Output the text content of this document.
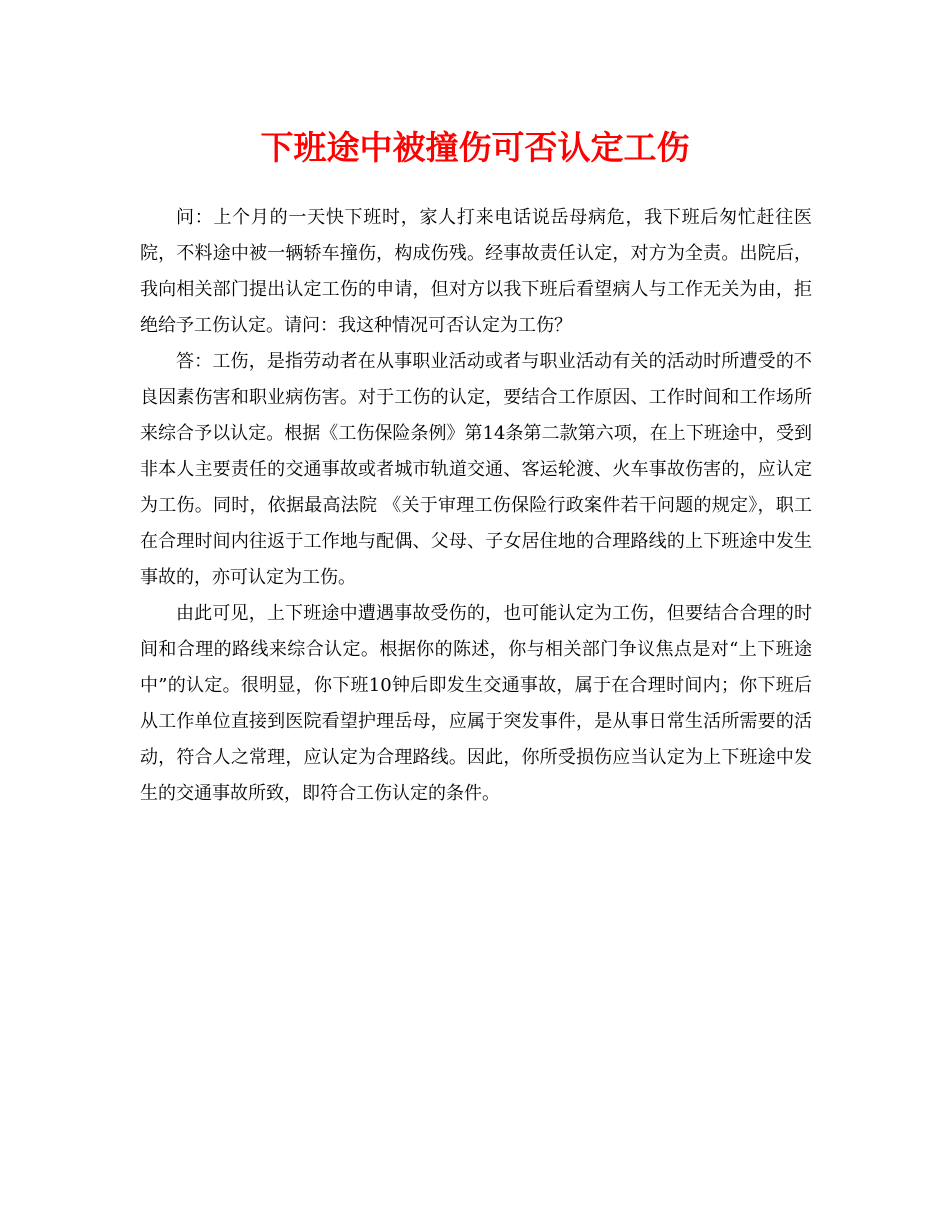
下班途中被撞伤可否认定工伤

问：上个月的一天快下班时，家人打来电话说岳母病危，我下班后匆忙赶往医院，不料途中被一辆轿车撞伤，构成伤残。经事故责任认定，对方为全责。出院后，我向相关部门提出认定工伤的申请，但对方以我下班后看望病人与工作无关为由，拒绝给予工伤认定。请问：我这种情况可否认定为工伤？

答：工伤，是指劳动者在从事职业活动或者与职业活动有关的活动时所遭受的不良因素伤害和职业病伤害。对于工伤的认定，要结合工作原因、工作时间和工作场所来综合予以认定。根据《工伤保险条例》第14条第二款第六项，在上下班途中，受到非本人主要责任的交通事故或者城市轨道交通、客运轮渡、火车事故伤害的，应认定为工伤。同时，依据最高法院 《关于审理工伤保险行政案件若干问题的规定》，职工在合理时间内往返于工作地与配偶、父母、子女居住地的合理路线的上下班途中发生事故的，亦可认定为工伤。

由此可见，上下班途中遭遇事故受伤的，也可能认定为工伤，但要结合合理的时间和合理的路线来综合认定。根据你的陈述，你与相关部门争议焦点是对“上下班途中”的认定。很明显，你下班10钟后即发生交通事故，属于在合理时间内；你下班后从工作单位直接到医院看望护理岳母，应属于突发事件，是从事日常生活所需要的活动，符合人之常理，应认定为合理路线。因此，你所受损伤应当认定为上下班途中发生的交通事故所致，即符合工伤认定的条件。
